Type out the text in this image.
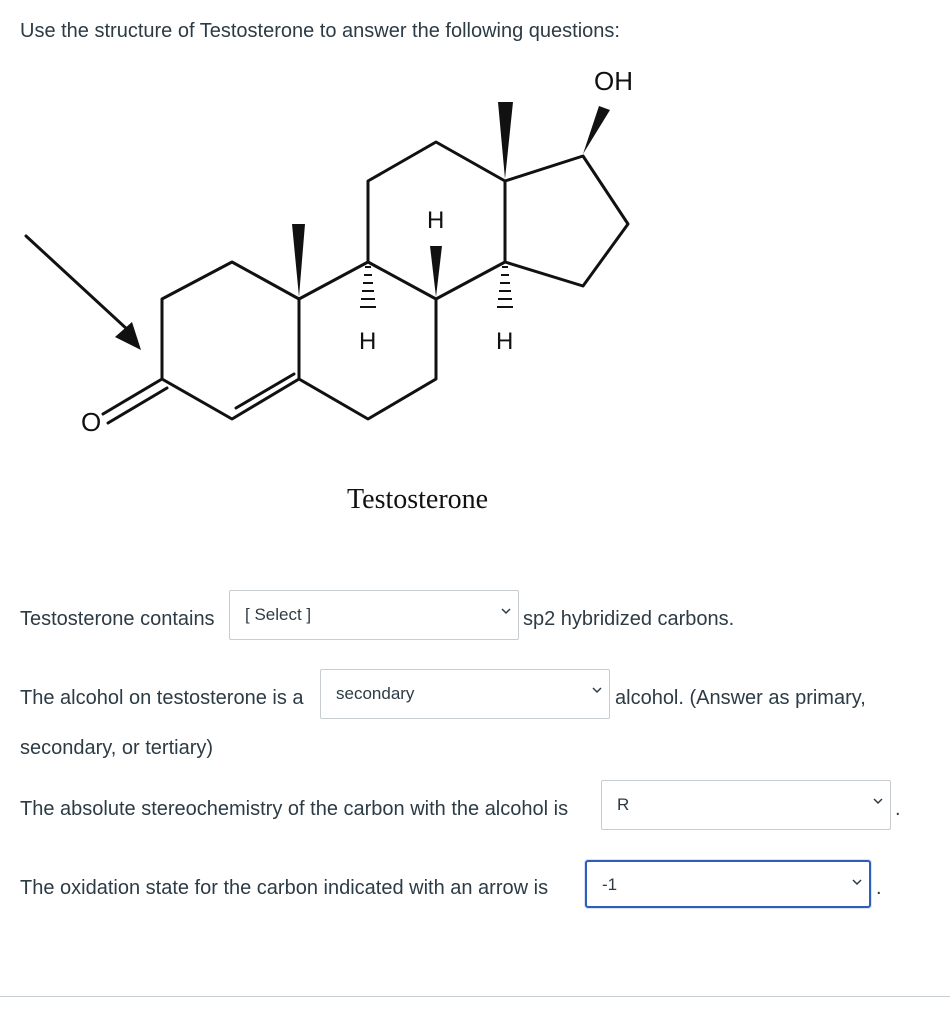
Use the structure of Testosterone to answer the following questions:
OH
O
H
H	H
Testosterone
Testosterone contains	[ Select ]	sp2 hybridized carbons.
The alcohol on testosterone is a	secondary	alcohol. (Answer as primary,
secondary, or tertiary)
The absolute stereochemistry of the carbon with the alcohol is	R	.
The oxidation state for the carbon indicated with an arrow is	-1	.
